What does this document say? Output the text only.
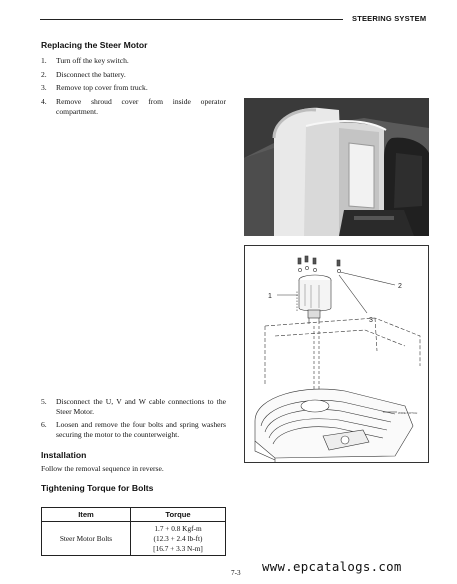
STEERING SYSTEM
Replacing the Steer Motor
1. Turn off the key switch.
2. Disconnect the battery.
3. Remove top cover from truck.
4. Remove shroud cover from inside operator compartment.
1
2
3
WIRE NOTCH
5. Disconnect the U, V and W cable connections to the Steer Motor.
6. Loosen and remove the four bolts and spring washers securing the motor to the counterweight.
Installation
Follow the removal sequence in reverse.
Tightening Torque for Bolts
Item	Torque
Steer Motor Bolts	1.7 + 0.8 Kgf-m
(12.3 + 2.4 lb-ft)
[16.7 + 3.3 N-m]
www.epcatalogs.com
7-3
